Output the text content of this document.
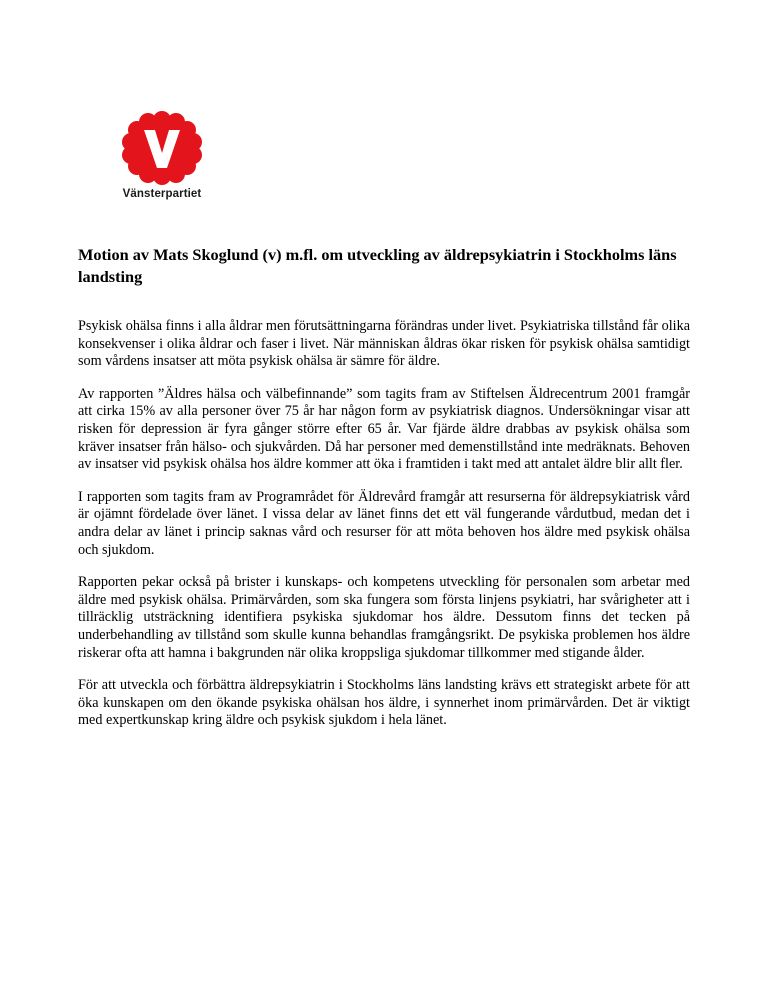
Vänsterpartiet
Motion av Mats Skoglund (v) m.fl. om utveckling av äldrepsykiatrin i Stockholms läns landsting

Psykisk ohälsa finns i alla åldrar men förutsättningarna förändras under livet. Psykiatriska tillstånd får olika konsekvenser i olika åldrar och faser i livet. När människan åldras ökar risken för psykisk ohälsa samtidigt som vårdens insatser att möta psykisk ohälsa är sämre för äldre.

Av rapporten ”Äldres hälsa och välbefinnande” som tagits fram av Stiftelsen Äldrecentrum 2001 framgår att cirka 15% av alla personer över 75 år har någon form av psykiatrisk diagnos. Undersökningar visar att risken för depression är fyra gånger större efter 65 år. Var fjärde äldre drabbas av psykisk ohälsa som kräver insatser från hälso- och sjukvården. Då har personer med demenstillstånd inte medräknats. Behoven av insatser vid psykisk ohälsa hos äldre kommer att öka i framtiden i takt med att antalet äldre blir allt fler.

I rapporten som tagits fram av Programrådet för Äldrevård framgår att resurserna för äldrepsykiatrisk vård är ojämnt fördelade över länet. I vissa delar av länet finns det ett väl fungerande vårdutbud, medan det i andra delar av länet i princip saknas vård och resurser för att möta behoven hos äldre med psykisk ohälsa och sjukdom.

Rapporten pekar också på brister i kunskaps- och kompetens utveckling för personalen som arbetar med äldre med psykisk ohälsa. Primärvården, som ska fungera som första linjens psykiatri, har svårigheter att i tillräcklig utsträckning identifiera psykiska sjukdomar hos äldre. Dessutom finns det tecken på underbehandling av tillstånd som skulle kunna behandlas framgångsrikt. De psykiska problemen hos äldre riskerar ofta att hamna i bakgrunden när olika kroppsliga sjukdomar tillkommer med stigande ålder.

För att utveckla och förbättra äldrepsykiatrin i Stockholms läns landsting krävs ett strategiskt arbete för att öka kunskapen om den ökande psykiska ohälsan hos äldre, i synnerhet inom primärvården. Det är viktigt med expertkunskap kring äldre och psykisk sjukdom i hela länet.
